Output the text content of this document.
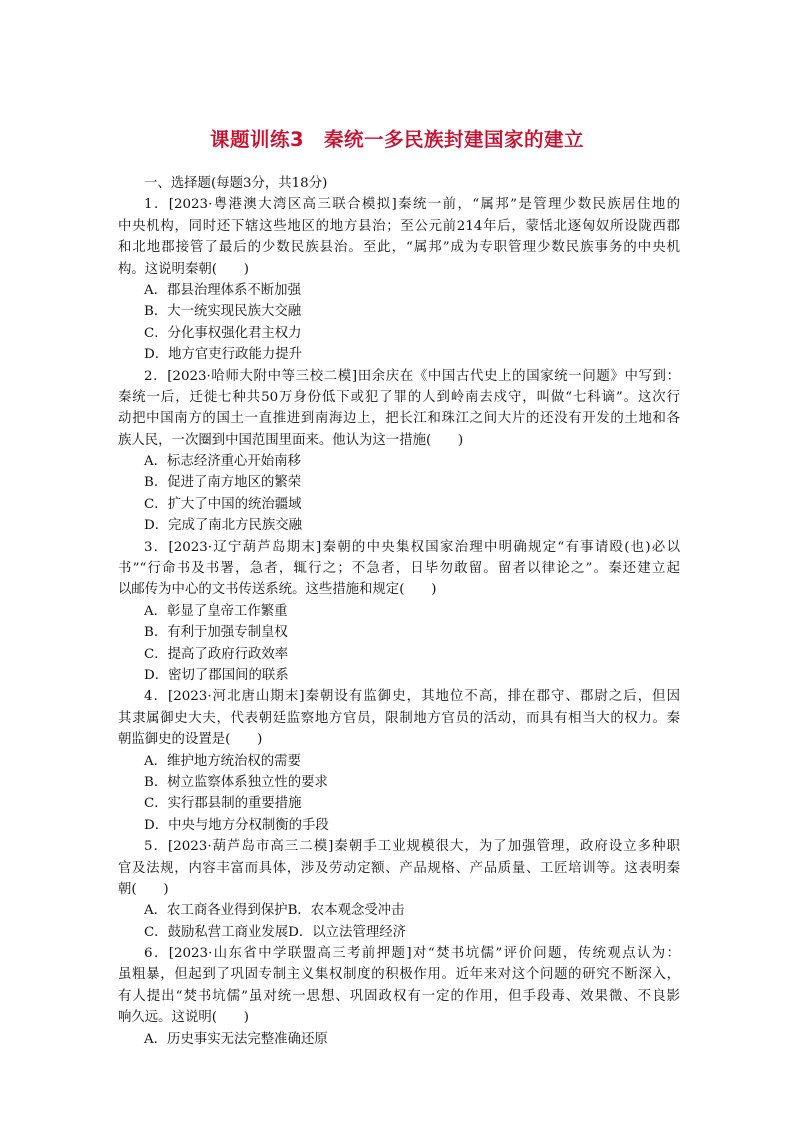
课题训练3　秦统一多民族封建国家的建立
一、选择题(每题3分，共18分)
1．[2023·粤港澳大湾区高三联合模拟]秦统一前，“属邦”是管理少数民族居住地的
中央机构，同时还下辖这些地区的地方县治；至公元前214年后，蒙恬北逐匈奴所设陇西郡
和北地郡接管了最后的少数民族县治。至此，“属邦”成为专职管理少数民族事务的中央机
构。这说明秦朝(　　)
A．郡县治理体系不断加强
B．大一统实现民族大交融
C．分化事权强化君主权力
D．地方官吏行政能力提升
2．[2023·哈师大附中等三校二模]田余庆在《中国古代史上的国家统一问题》中写到：
秦统一后，迁徙七种共50万身份低下或犯了罪的人到岭南去戍守，叫做“七科谪”。这次行
动把中国南方的国土一直推进到南海边上，把长江和珠江之间大片的还没有开发的土地和各
族人民，一次圈到中国范围里面来。他认为这一措施(　　)
A．标志经济重心开始南移
B．促进了南方地区的繁荣
C．扩大了中国的统治疆域
D．完成了南北方民族交融
3．[2023·辽宁葫芦岛期末]秦朝的中央集权国家治理中明确规定“有事请殴(也)必以
书”“行命书及书署，急者，辄行之；不急者，日毕勿敢留。留者以律论之”。秦还建立起
以邮传为中心的文书传送系统。这些措施和规定(　　)
A．彰显了皇帝工作繁重
B．有利于加强专制皇权
C．提高了政府行政效率
D．密切了郡国间的联系
4．[2023·河北唐山期末]秦朝设有监御史，其地位不高，排在郡守、郡尉之后，但因
其隶属御史大夫，代表朝廷监察地方官员，限制地方官员的活动，而具有相当大的权力。秦
朝监御史的设置是(　　)
A．维护地方统治权的需要
B．树立监察体系独立性的要求
C．实行郡县制的重要措施
D．中央与地方分权制衡的手段
5．[2023·葫芦岛市高三二模]秦朝手工业规模很大，为了加强管理，政府设立多种职
官及法规，内容丰富而具体，涉及劳动定额、产品规格、产品质量、工匠培训等。这表明秦
朝(　　)
A．农工商各业得到保护B．农本观念受冲击
C．鼓励私营工商业发展D．以立法管理经济
6．[2023·山东省中学联盟高三考前押题]对“焚书坑儒”评价问题，传统观点认为：
虽粗暴，但起到了巩固专制主义集权制度的积极作用。近年来对这个问题的研究不断深入，
有人提出“焚书坑儒”虽对统一思想、巩固政权有一定的作用，但手段毒、效果微、不良影
响久远。这说明(　　)
A．历史事实无法完整准确还原
